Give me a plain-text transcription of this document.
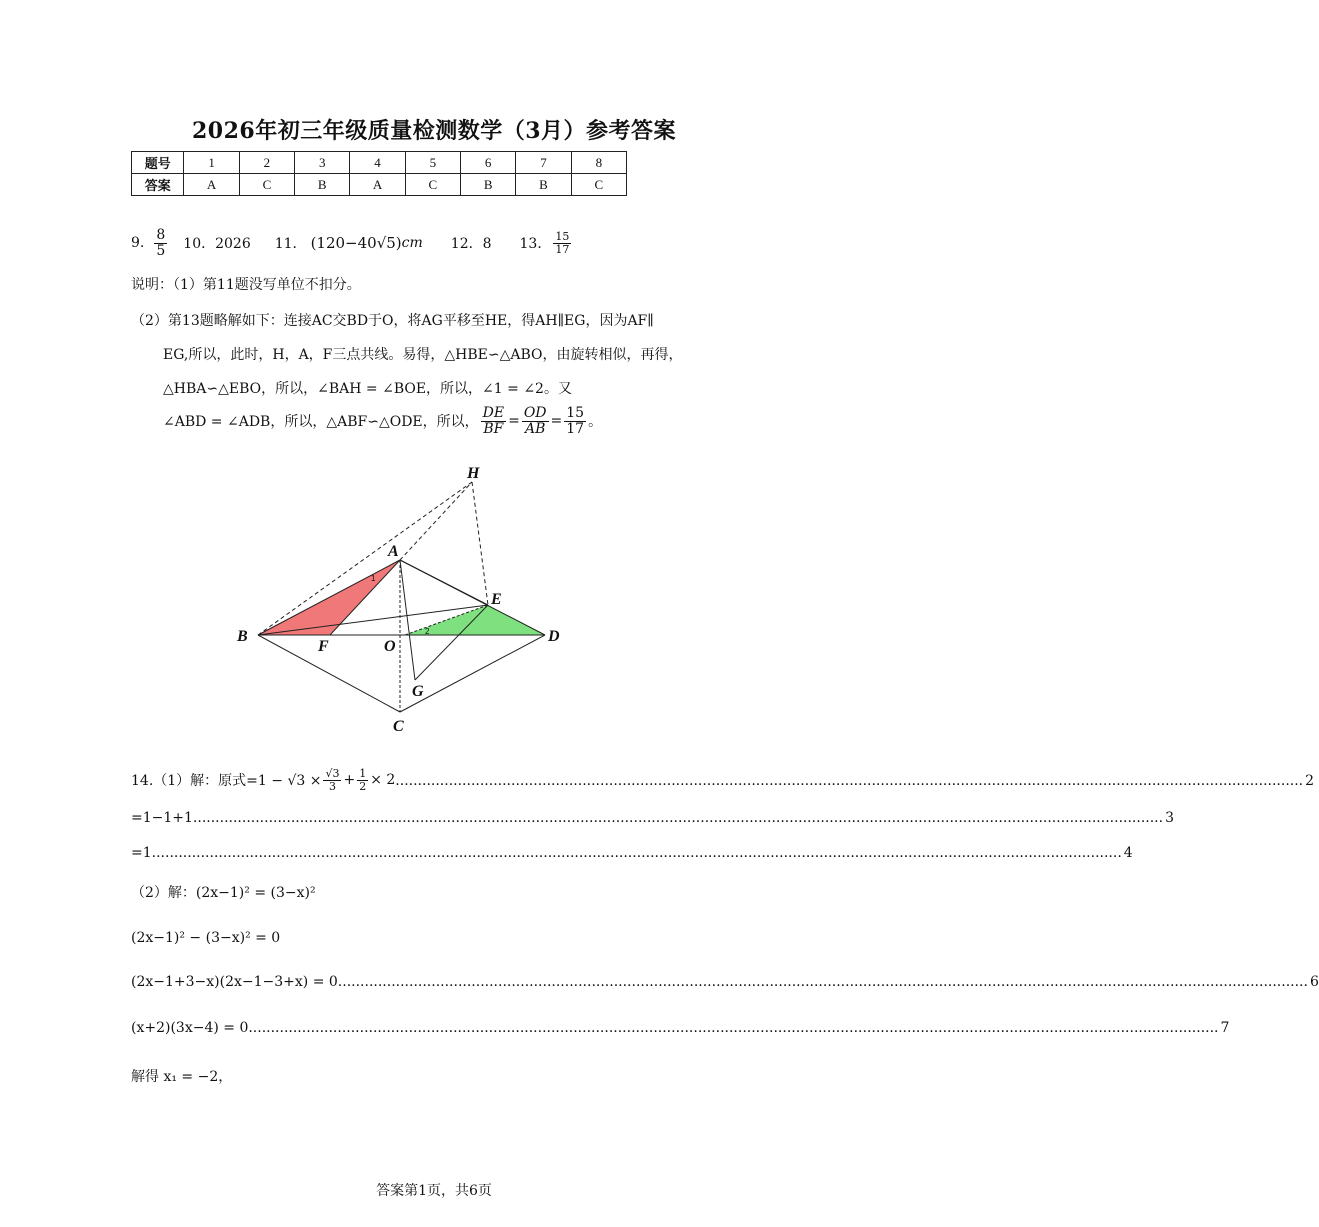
2026年初三年级质量检测数学（3月）参考答案
题号	1	2	3	4	5	6	7	8
答案	A	C	B	A	C	B	B	C
9. $\frac{8}{5} 10$．2026 11． (120−40√5) cm 12．8 13． $\frac{15}{17}$
说明：（1）第11题没写单位不扣分。
（2）第13题略解如下：连接AC交BD于O，将AG平移至HE，得AH∥EG，因为AF∥
EG,所以，此时，H，A，F三点共线。易得，△HBE∽△ABO，由旋转相似，再得，
△HBA∽△EBO，所以，∠BAH = ∠BOE，所以，∠1 = ∠2。又
∠ABD = ∠ADB，所以，△ABF∽△ODE，所以， $\frac{DE}{BF} = \frac{OD}{AB} = \frac{15}{17}$ 。
H
A
E
B
F	O
D
G
C
1
2
14.（1）解：原式$=1 - √3 \times \frac{√3}{3} + \frac{1}{2} \times 2$ ............................................................................................................................................................................................................ 2
=1−1+1 .......................................................................................................................................................................................................................... 3
=1 .......................................................................................................................................................................................................................... 4
（2）解：(2x−1)² = (3−x)²
(2x−1)² − (3−x)² = 0
(2x−1+3−x)(2x−1−3+x) = 0 .......................................................................................................................................................................................................................... 6
(x+2)(3x−4) = 0 .......................................................................................................................................................................................................................... 7
解得 x₁ = −2，
答案第1页，共6页
